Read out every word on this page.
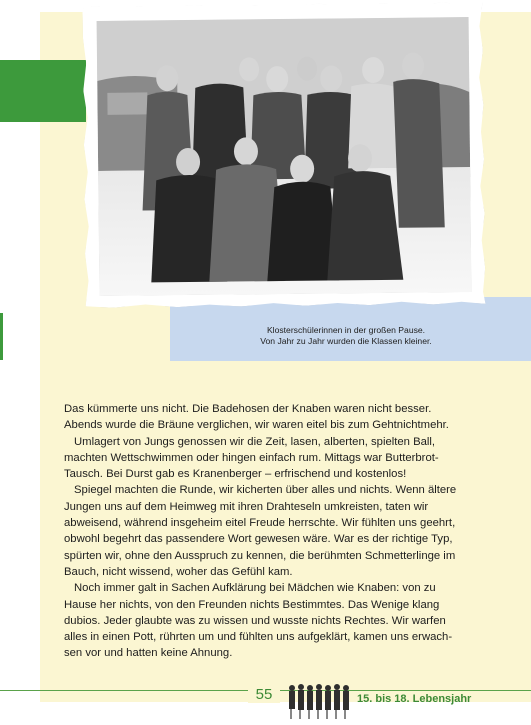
Klosterschülerinnen in der großen Pause.
Von Jahr zu Jahr wurden die Klassen kleiner.

Das kümmerte uns nicht. Die Badehosen der Knaben waren nicht besser.

Abends wurde die Bräune verglichen, wir waren eitel bis zum Gehtnichtmehr.

Umlagert von Jungs genossen wir die Zeit, lasen, alberten, spielten Ball,

machten Wettschwimmen oder hingen einfach rum. Mittags war Butterbrot-

Tausch. Bei Durst gab es Kranenberger – erfrischend und kostenlos!

Spiegel machten die Runde, wir kicherten über alles und nichts. Wenn ältere

Jungen uns auf dem Heimweg mit ihren Drahteseln umkreisten, taten wir

abweisend, während insgeheim eitel Freude herrschte. Wir fühlten uns geehrt,

obwohl begehrt das passendere Wort gewesen wäre. War es der richtige Typ,

spürten wir, ohne den Ausspruch zu kennen, die berühmten Schmetterlinge im

Bauch, nicht wissend, woher das Gefühl kam.

Noch immer galt in Sachen Aufklärung bei Mädchen wie Knaben: von zu

Hause her nichts, von den Freunden nichts Bestimmtes. Das Wenige klang

dubios. Jeder glaubte was zu wissen und wusste nichts Rechtes. Wir warfen

alles in einen Pott, rührten um und fühlten uns aufgeklärt, kamen uns erwach-

sen vor und hatten keine Ahnung.

55	15. bis 18. Lebensjahr
